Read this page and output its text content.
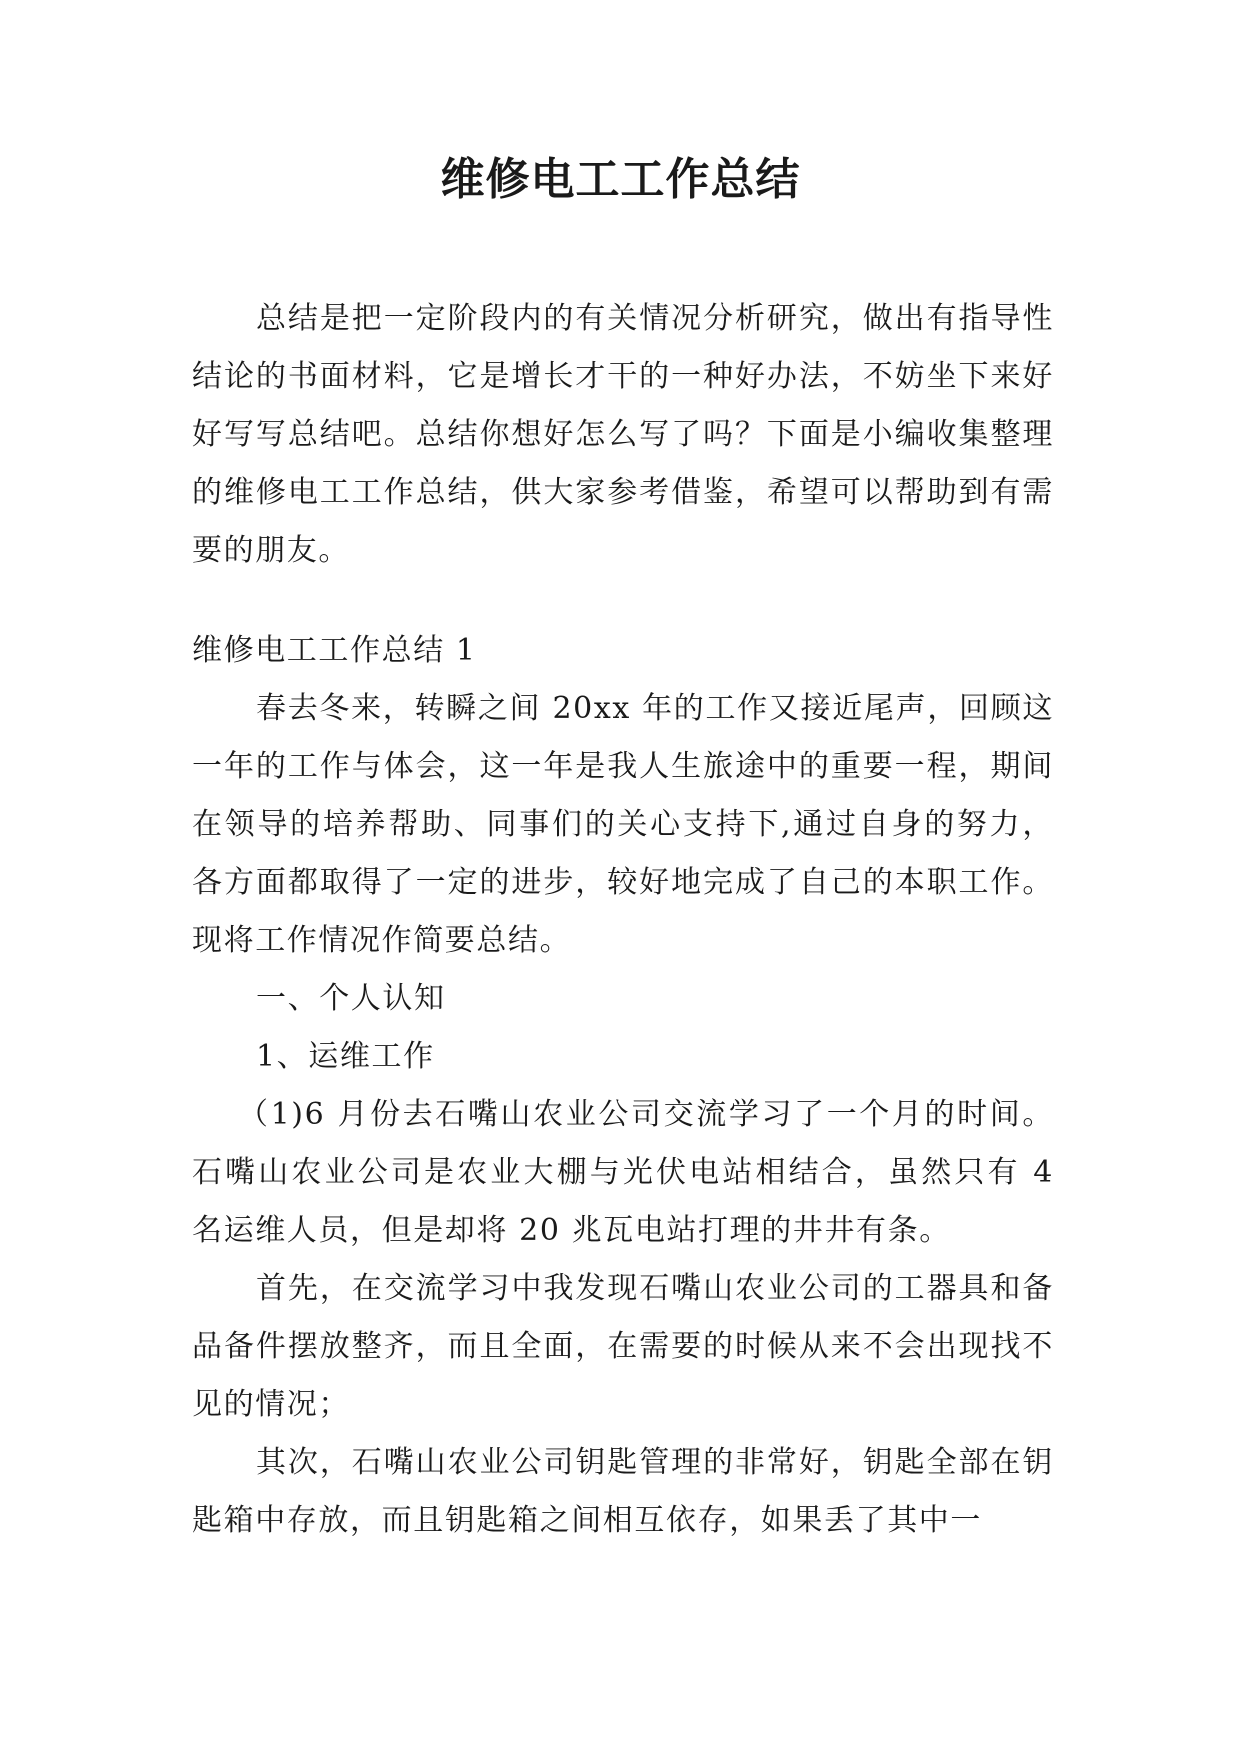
维修电工工作总结

总结是把一定阶段内的有关情况分析研究，做出有指导性结论的书面材料，它是增长才干的一种好办法，不妨坐下来好好写写总结吧。总结你想好怎么写了吗？下面是小编收集整理的维修电工工作总结，供大家参考借鉴，希望可以帮助到有需要的朋友。

维修电工工作总结 1

春去冬来，转瞬之间 20xx 年的工作又接近尾声，回顾这一年的工作与体会，这一年是我人生旅途中的重要一程，期间在领导的培养帮助、同事们的关心支持下,通过自身的努力，各方面都取得了一定的进步，较好地完成了自己的本职工作。现将工作情况作简要总结。

一、个人认知

1、运维工作

（1)6 月份去石嘴山农业公司交流学习了一个月的时间。石嘴山农业公司是农业大棚与光伏电站相结合，虽然只有 4 名运维人员，但是却将 20 兆瓦电站打理的井井有条。

首先，在交流学习中我发现石嘴山农业公司的工器具和备品备件摆放整齐，而且全面，在需要的时候从来不会出现找不见的情况；

其次，石嘴山农业公司钥匙管理的非常好，钥匙全部在钥匙箱中存放，而且钥匙箱之间相互依存，如果丢了其中一
